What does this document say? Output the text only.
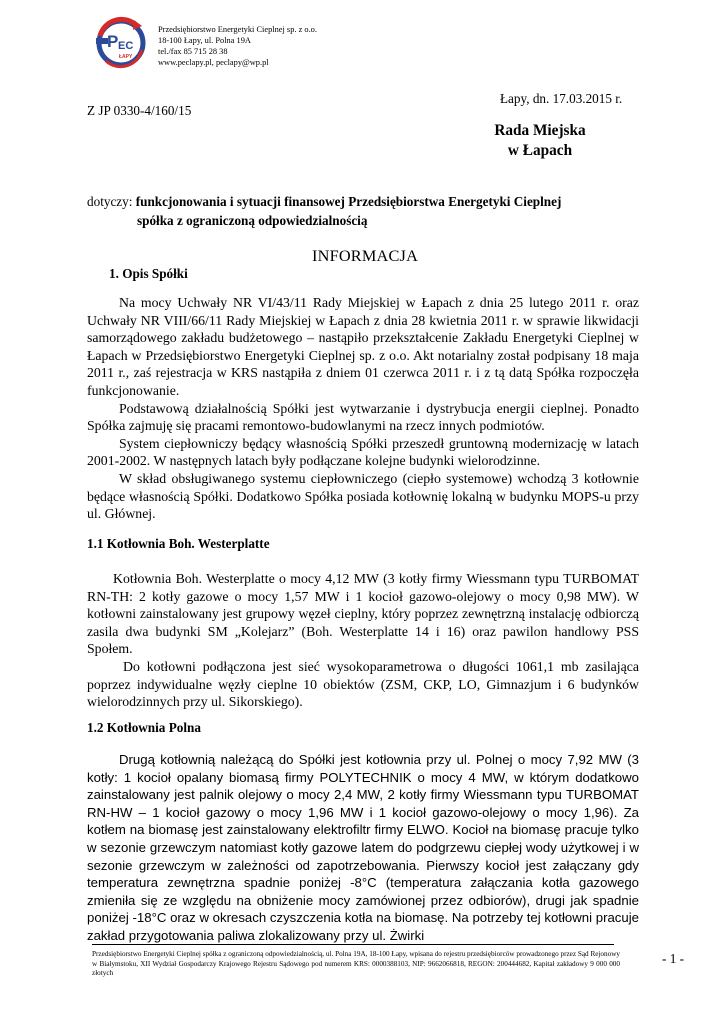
P EC
ŁAPY
Przedsiębiorstwo Energetyki Cieplnej sp. z o.o.
18-100 Łapy, ul. Polna 19A
tel./fax 85 715 28 38
www.peclapy.pl, peclapy@wp.pl
Łapy, dn. 17.03.2015 r.
Z JP 0330-4/160/15
Rada Miejska
w Łapach
dotyczy: funkcjonowania i sytuacji finansowej Przedsiębiorstwa Energetyki Cieplnej
spółka z ograniczoną odpowiedzialnością
INFORMACJA
1. Opis Spółki

Na mocy Uchwały NR VI/43/11 Rady Miejskiej w Łapach z dnia 25 lutego 2011 r. oraz Uchwały NR VIII/66/11 Rady Miejskiej w Łapach z dnia 28 kwietnia 2011 r. w sprawie likwidacji samorządowego zakładu budżetowego – nastąpiło przekształcenie Zakładu Energetyki Cieplnej w Łapach w Przedsiębiorstwo Energetyki Cieplnej sp. z o.o. Akt notarialny został podpisany 18 maja 2011 r., zaś rejestracja w KRS nastąpiła z dniem 01 czerwca 2011 r. i z tą datą Spółka rozpoczęła funkcjonowanie.

Podstawową działalnością Spółki jest wytwarzanie i dystrybucja energii cieplnej. Ponadto Spółka zajmuję się pracami remontowo-budowlanymi na rzecz innych podmiotów.

System ciepłowniczy będący własnością Spółki przeszedł gruntowną modernizację w latach 2001-2002. W następnych latach były podłączane kolejne budynki wielorodzinne.

W skład obsługiwanego systemu ciepłowniczego (ciepło systemowe) wchodzą 3 kotłownie będące własnością Spółki. Dodatkowo Spółka posiada kotłownię lokalną w budynku MOPS-u przy ul. Głównej.

1.1 Kotłownia Boh. Westerplatte

Kotłownia Boh. Westerplatte o mocy 4,12 MW (3 kotły firmy Wiessmann typu TURBOMAT RN-TH: 2 kotły gazowe o mocy 1,57 MW i 1 kocioł gazowo-olejowy o mocy 0,98 MW). W kotłowni zainstalowany jest grupowy węzeł cieplny, który poprzez zewnętrzną instalację odbiorczą zasila dwa budynki SM „Kolejarz” (Boh. Westerplatte 14 i 16) oraz pawilon handlowy PSS Społem.

Do kotłowni podłączona jest sieć wysokoparametrowa o długości 1061,1 mb zasilająca poprzez indywidualne węzły cieplne 10 obiektów (ZSM, CKP, LO, Gimnazjum i 6 budynków wielorodzinnych przy ul. Sikorskiego).

1.2 Kotłownia Polna

Drugą kotłownią należącą do Spółki jest kotłownia przy ul. Polnej o mocy 7,92 MW (3 kotły: 1 kocioł opalany biomasą firmy POLYTECHNIK o mocy 4 MW, w którym dodatkowo zainstalowany jest palnik olejowy o mocy 2,4 MW, 2 kotły firmy Wiessmann typu TURBOMAT RN-HW – 1 kocioł gazowy o mocy 1,96 MW i 1 kocioł gazowo-olejowy o mocy 1,96). Za kotłem na biomasę jest zainstalowany elektrofiltr firmy ELWO. Kocioł na biomasę pracuje tylko w sezonie grzewczym natomiast kotły gazowe latem do podgrzewu ciepłej wody użytkowej i w sezonie grzewczym w zależności od zapotrzebowania. Pierwszy kocioł jest załączany gdy temperatura zewnętrzna spadnie poniżej -8°C (temperatura załączania kotła gazowego zmieniła się ze względu na obniżenie mocy zamówionej przez odbiorów), drugi jak spadnie poniżej -18°C oraz w okresach czyszczenia kotła na biomasę. Na potrzeby tej kotłowni pracuje zakład przygotowania paliwa zlokalizowany przy ul. Żwirki

Przedsiębiorstwo Energetyki Cieplnej spółka z ograniczoną odpowiedzialnością, ul. Polna 19A, 18-100 Łapy, wpisana do rejestru przedsiębiorców prowadzonego przez Sąd Rejonowy w Białymstoku, XII Wydział Gospodarczy Krajowego Rejestru Sądowego pod numerem KRS: 0000388103, NIP: 9662066818, REGON: 200444682, Kapitał zakładowy 9 000 000 złotych
- 1 -
